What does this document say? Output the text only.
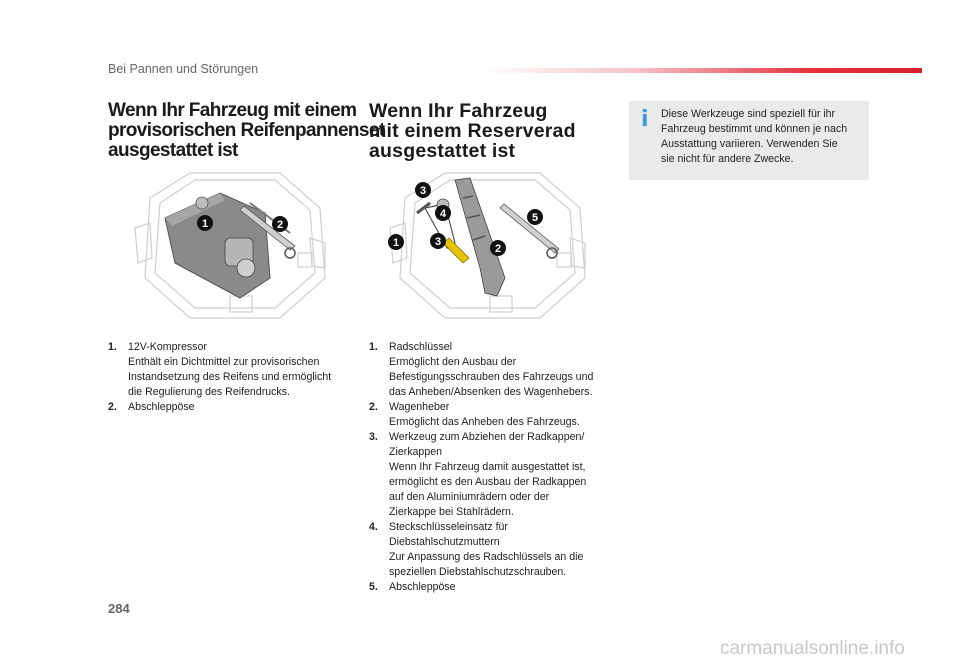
Bei Pannen und Störungen
Wenn Ihr Fahrzeug mit einem
provisorischen Reifenpannenset
ausgestattet ist
1	2
1. 12V-Kompressor
Enthält ein Dichtmittel zur provisorischen
Instandsetzung des Reifens und ermöglicht
die Regulierung des Reifendrucks.
2. Abschleppöse
Wenn Ihr Fahrzeug
mit einem Reserverad
ausgestattet ist
3
4	5
1	3
2
1. Radschlüssel
Ermöglicht den Ausbau der
Befestigungsschrauben des Fahrzeugs und
das Anheben/Absenken des Wagenhebers.
2. Wagenheber
Ermöglicht das Anheben des Fahrzeugs.
3. Werkzeug zum Abziehen der Radkappen/
Zierkappen
Wenn Ihr Fahrzeug damit ausgestattet ist,
ermöglicht es den Ausbau der Radkappen
auf den Aluminiumrädern oder der
Zierkappe bei Stahlrädern.
4. Steckschlüsseleinsatz für
Diebstahlschutzmuttern
Zur Anpassung des Radschlüssels an die
speziellen Diebstahlschutzschrauben.
5. Abschleppöse
i Diese Werkzeuge sind speziell für ihr
Fahrzeug bestimmt und können je nach
Ausstattung variieren. Verwenden Sie
sie nicht für andere Zwecke.
284
carmanualsonline.info
